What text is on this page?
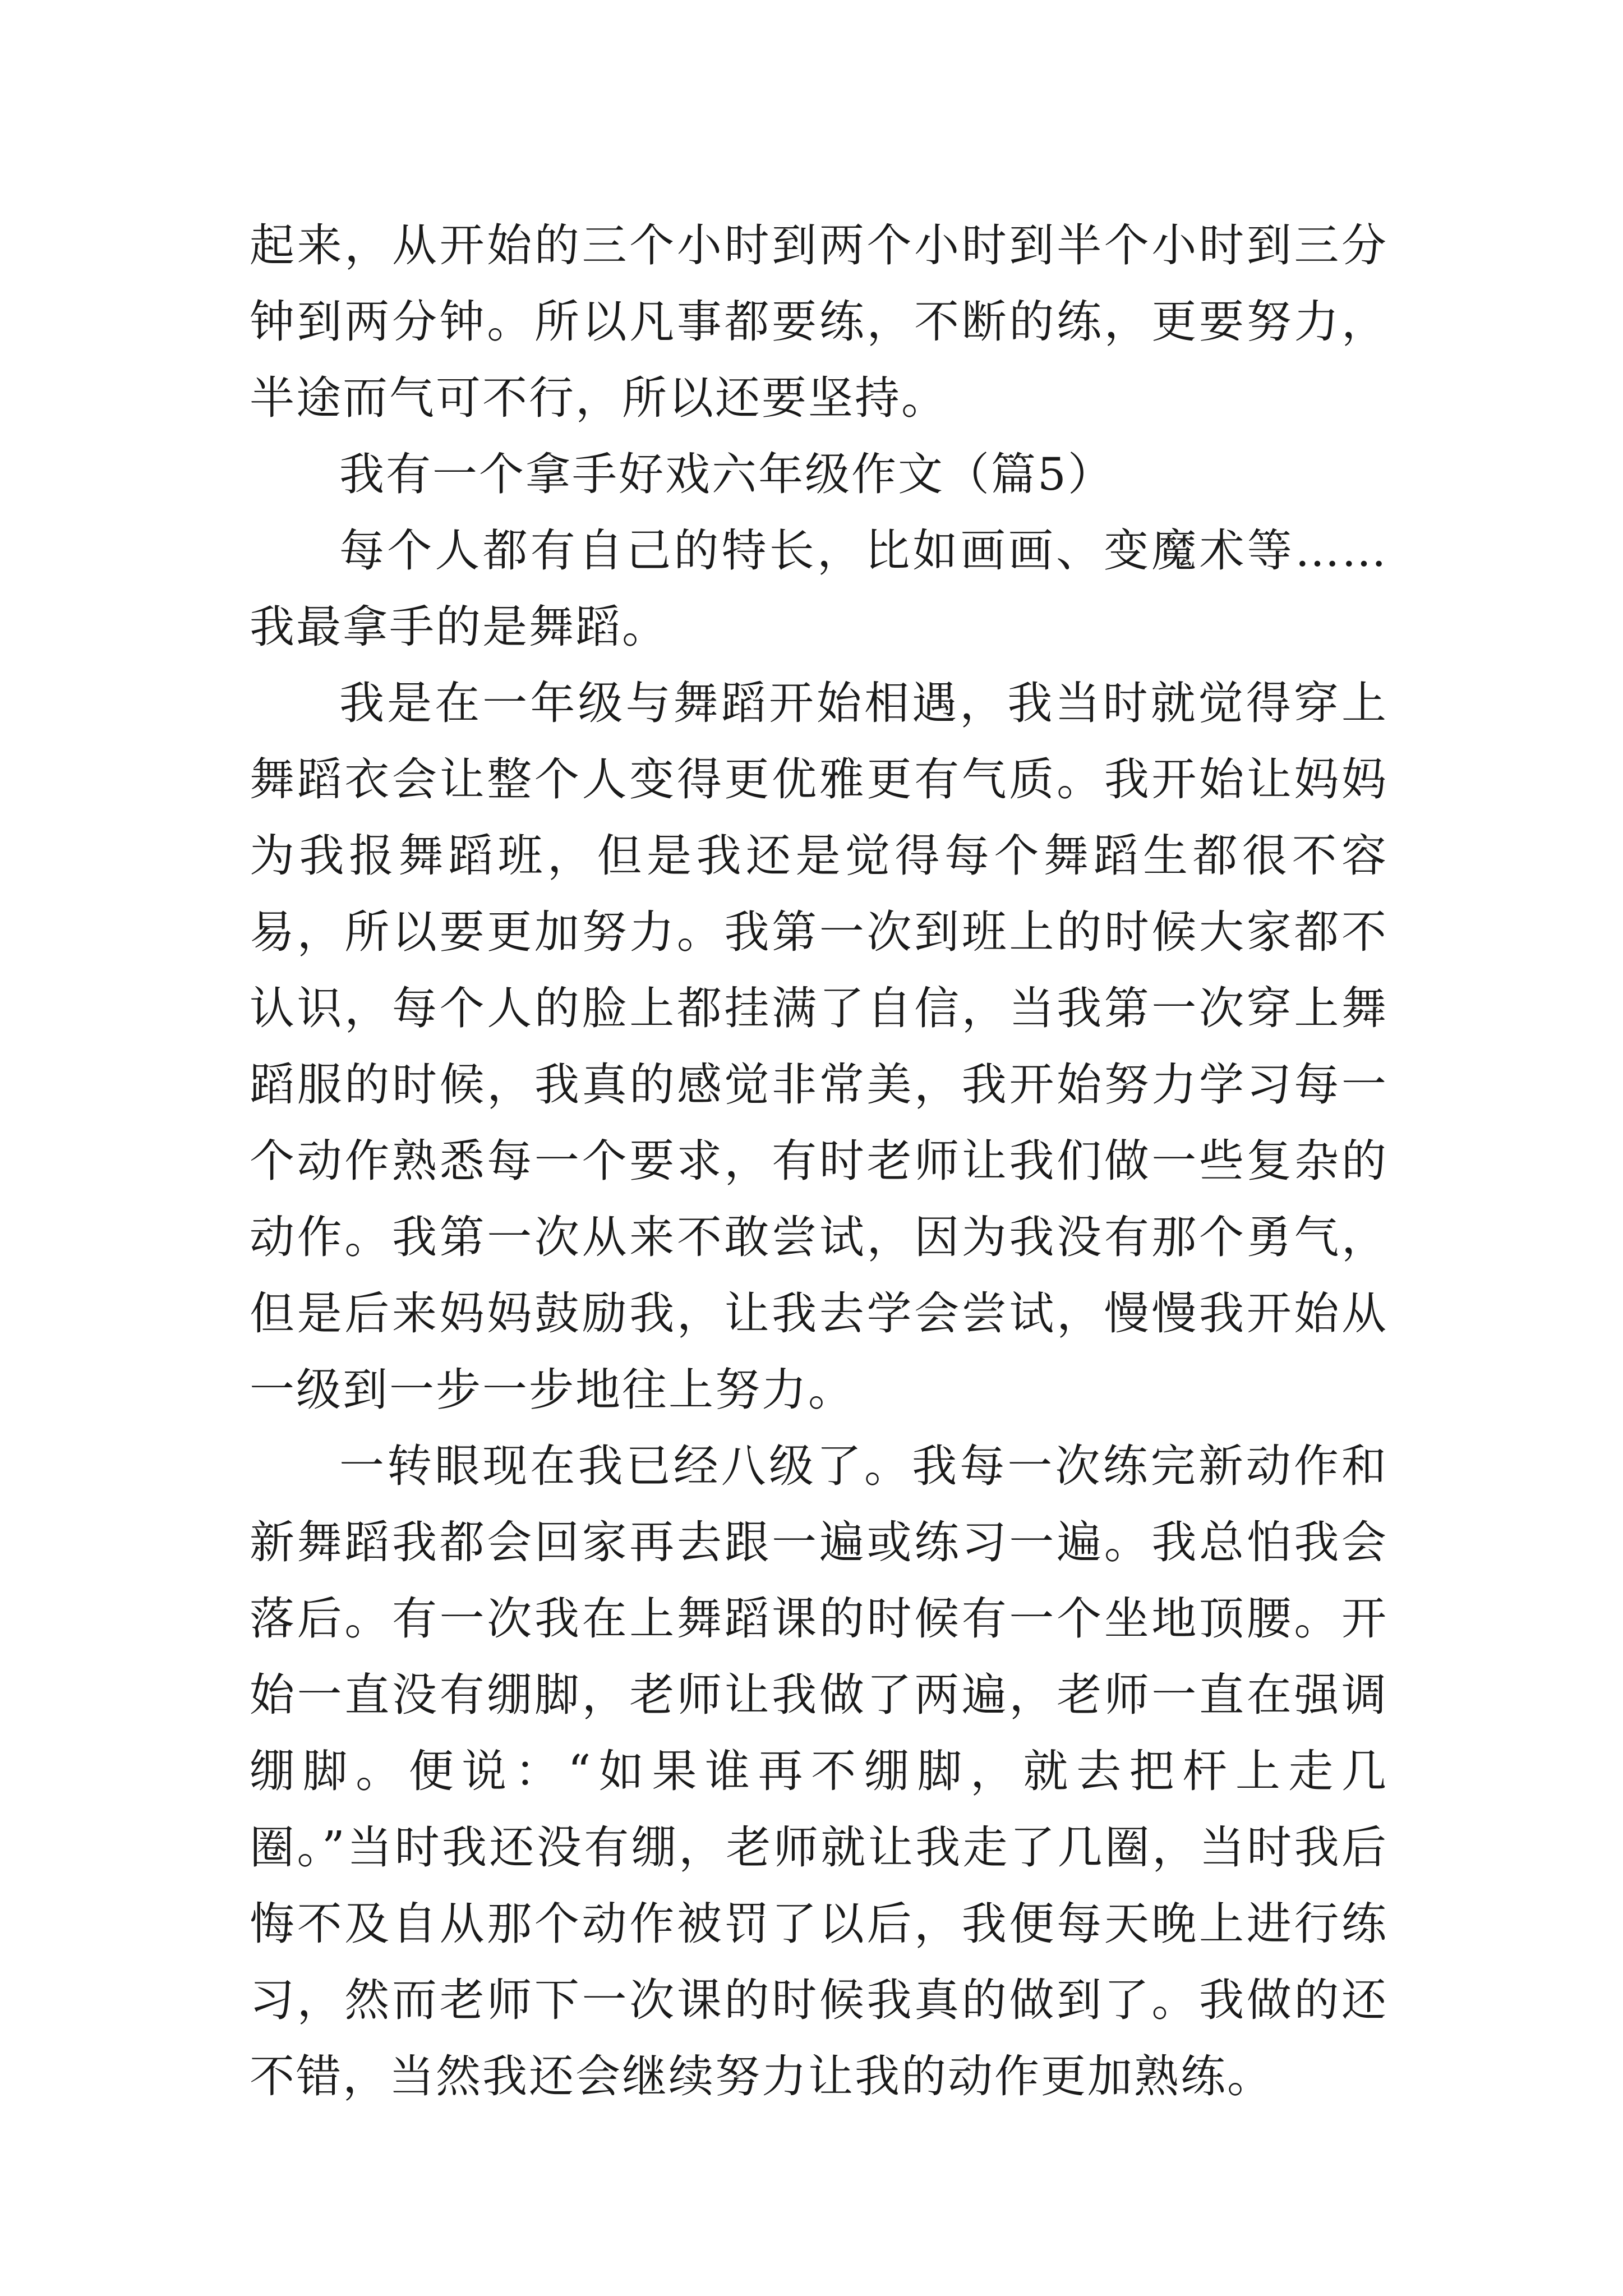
起来，从开始的三个小时到两个小时到半个小时到三分钟到两分钟。所以凡事都要练，不断的练，更要努力，半途而气可不行，所以还要坚持。

我有一个拿手好戏六年级作文（篇5）

每个人都有自己的特长，比如画画、变魔术等……我最拿手的是舞蹈。

我是在一年级与舞蹈开始相遇，我当时就觉得穿上舞蹈衣会让整个人变得更优雅更有气质。我开始让妈妈为我报舞蹈班，但是我还是觉得每个舞蹈生都很不容易，所以要更加努力。我第一次到班上的时候大家都不认识，每个人的脸上都挂满了自信，当我第一次穿上舞蹈服的时候，我真的感觉非常美，我开始努力学习每一个动作熟悉每一个要求，有时老师让我们做一些复杂的动作。我第一次从来不敢尝试，因为我没有那个勇气，但是后来妈妈鼓励我，让我去学会尝试，慢慢我开始从一级到一步一步地往上努力。

一转眼现在我已经八级了。我每一次练完新动作和新舞蹈我都会回家再去跟一遍或练习一遍。我总怕我会落后。有一次我在上舞蹈课的时候有一个坐地顶腰。开始一直没有绷脚，老师让我做了两遍，老师一直在强调绷脚。便说：“如果谁再不绷脚，就去把杆上走几圈。”当时我还没有绷，老师就让我走了几圈，当时我后悔不及自从那个动作被罚了以后，我便每天晚上进行练习，然而老师下一次课的时候我真的做到了。我做的还不错，当然我还会继续努力让我的动作更加熟练。
